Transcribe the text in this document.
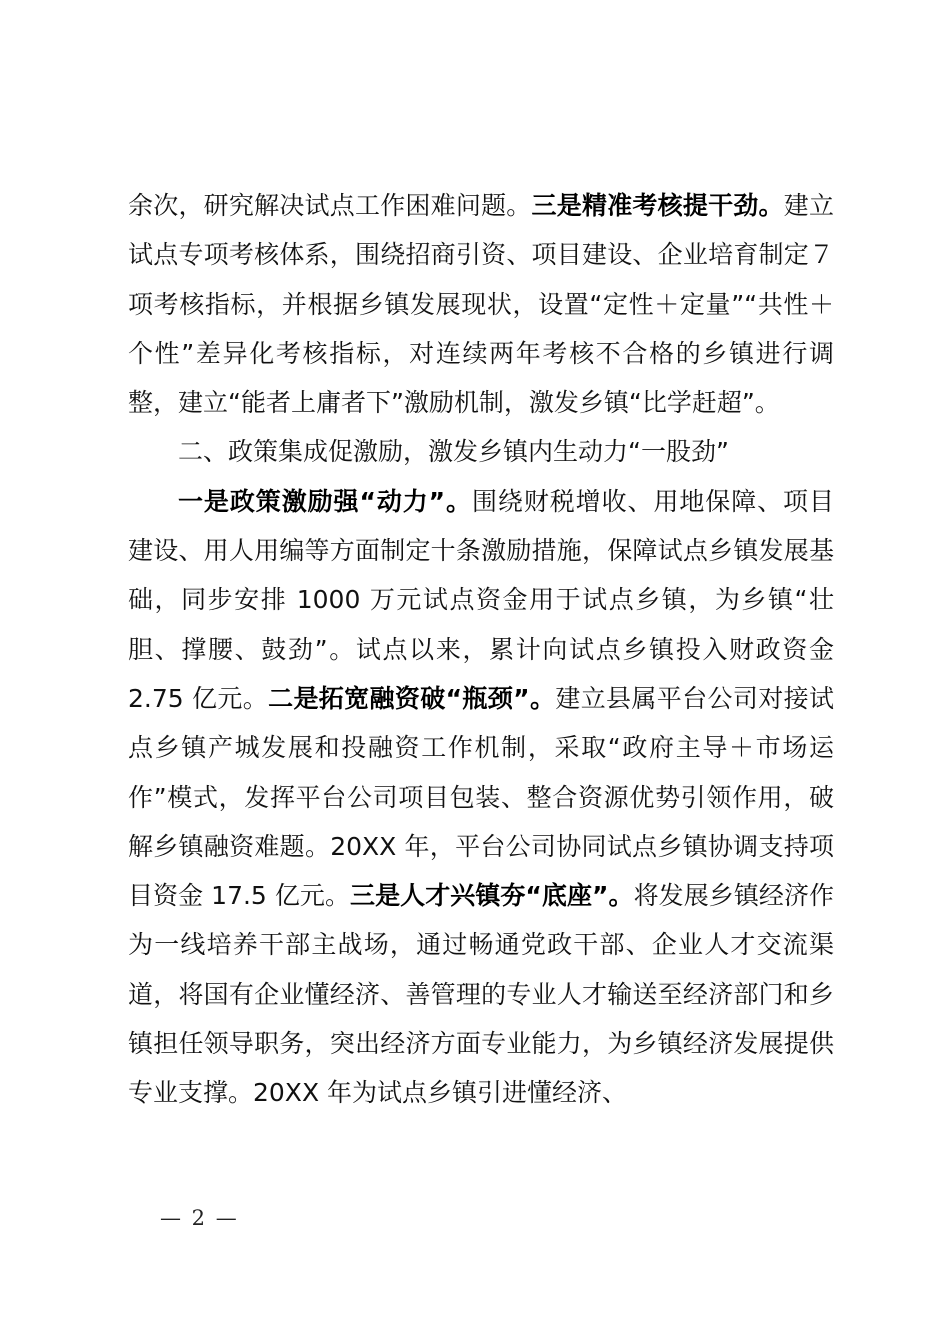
余次，研究解决试点工作困难问题。三是精准考核提干劲。建立试点专项考核体系，围绕招商引资、项目建设、企业培育制定７项考核指标，并根据乡镇发展现状，设置“定性＋定量”“共性＋个性”差异化考核指标，对连续两年考核不合格的乡镇进行调整，建立“能者上庸者下”激励机制，激发乡镇“比学赶超”。

二、政策集成促激励，激发乡镇内生动力“一股劲”

一是政策激励强“动力”。围绕财税增收、用地保障、项目建设、用人用编等方面制定十条激励措施，保障试点乡镇发展基础，同步安排 1000 万元试点资金用于试点乡镇，为乡镇“壮胆、撑腰、鼓劲”。试点以来，累计向试点乡镇投入财政资金 2.75 亿元。二是拓宽融资破“瓶颈”。建立县属平台公司对接试点乡镇产城发展和投融资工作机制，采取“政府主导＋市场运作”模式，发挥平台公司项目包装、整合资源优势引领作用，破解乡镇融资难题。20XX 年，平台公司协同试点乡镇协调支持项目资金 17.5 亿元。三是人才兴镇夯“底座”。将发展乡镇经济作为一线培养干部主战场，通过畅通党政干部、企业人才交流渠道，将国有企业懂经济、善管理的专业人才输送至经济部门和乡镇担任领导职务，突出经济方面专业能力，为乡镇经济发展提供专业支撑。20XX 年为试点乡镇引进懂经济、

— 2 —
